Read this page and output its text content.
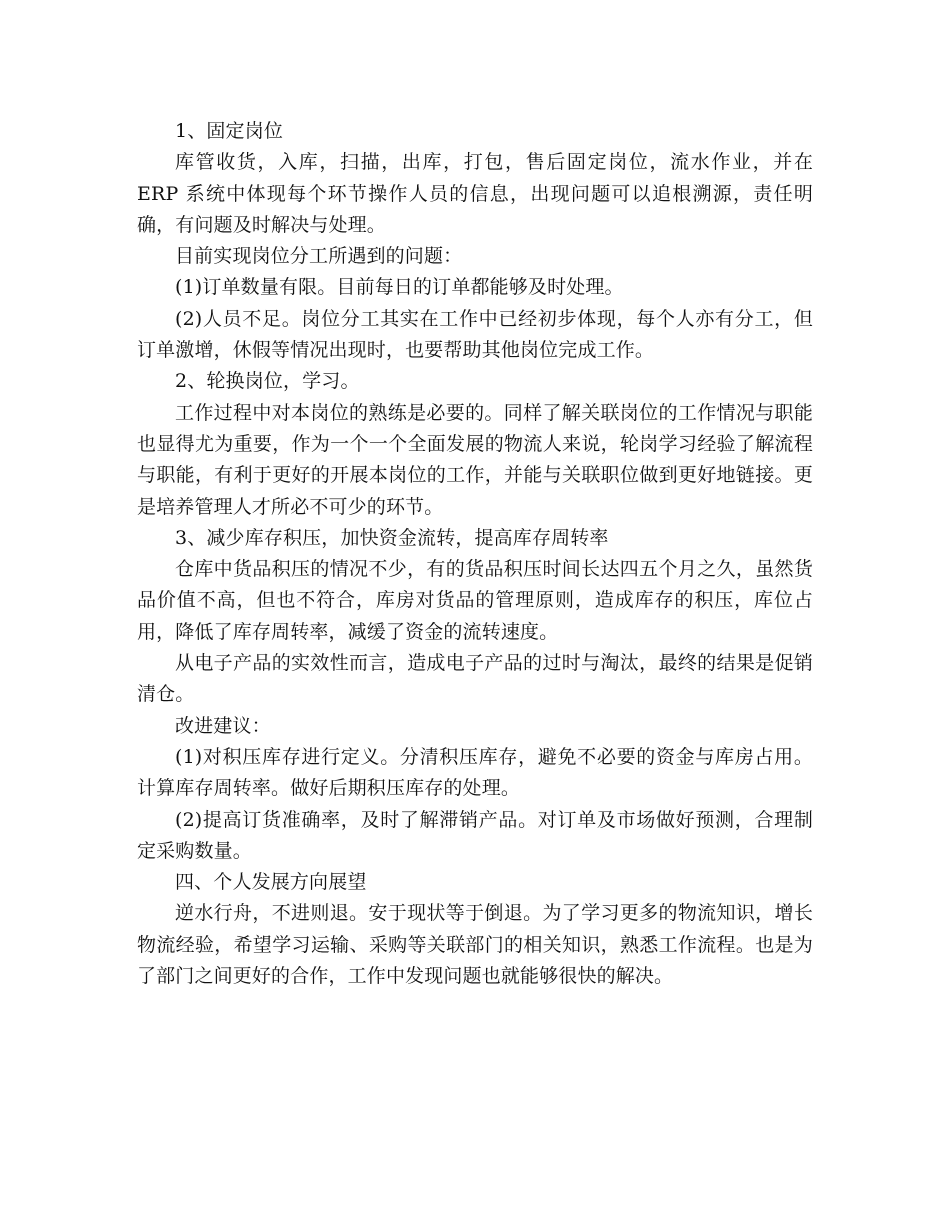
1、固定岗位

库管收货，入库，扫描，出库，打包，售后固定岗位，流水作业，并在 ERP 系统中体现每个环节操作人员的信息，出现问题可以追根溯源，责任明确，有问题及时解决与处理。

目前实现岗位分工所遇到的问题：

(1)订单数量有限。目前每日的订单都能够及时处理。

(2)人员不足。岗位分工其实在工作中已经初步体现，每个人亦有分工，但订单激增，休假等情况出现时，也要帮助其他岗位完成工作。

2、轮换岗位，学习。

工作过程中对本岗位的熟练是必要的。同样了解关联岗位的工作情况与职能也显得尤为重要，作为一个一个全面发展的物流人来说，轮岗学习经验了解流程与职能，有利于更好的开展本岗位的工作，并能与关联职位做到更好地链接。更是培养管理人才所必不可少的环节。

3、减少库存积压，加快资金流转，提高库存周转率

仓库中货品积压的情况不少，有的货品积压时间长达四五个月之久，虽然货品价值不高，但也不符合，库房对货品的管理原则，造成库存的积压，库位占用，降低了库存周转率，减缓了资金的流转速度。

从电子产品的实效性而言，造成电子产品的过时与淘汰，最终的结果是促销清仓。

改进建议：

(1)对积压库存进行定义。分清积压库存，避免不必要的资金与库房占用。计算库存周转率。做好后期积压库存的处理。

(2)提高订货准确率，及时了解滞销产品。对订单及市场做好预测，合理制定采购数量。

四、个人发展方向展望

逆水行舟，不进则退。安于现状等于倒退。为了学习更多的物流知识，增长物流经验，希望学习运输、采购等关联部门的相关知识，熟悉工作流程。也是为了部门之间更好的合作，工作中发现问题也就能够很快的解决。
